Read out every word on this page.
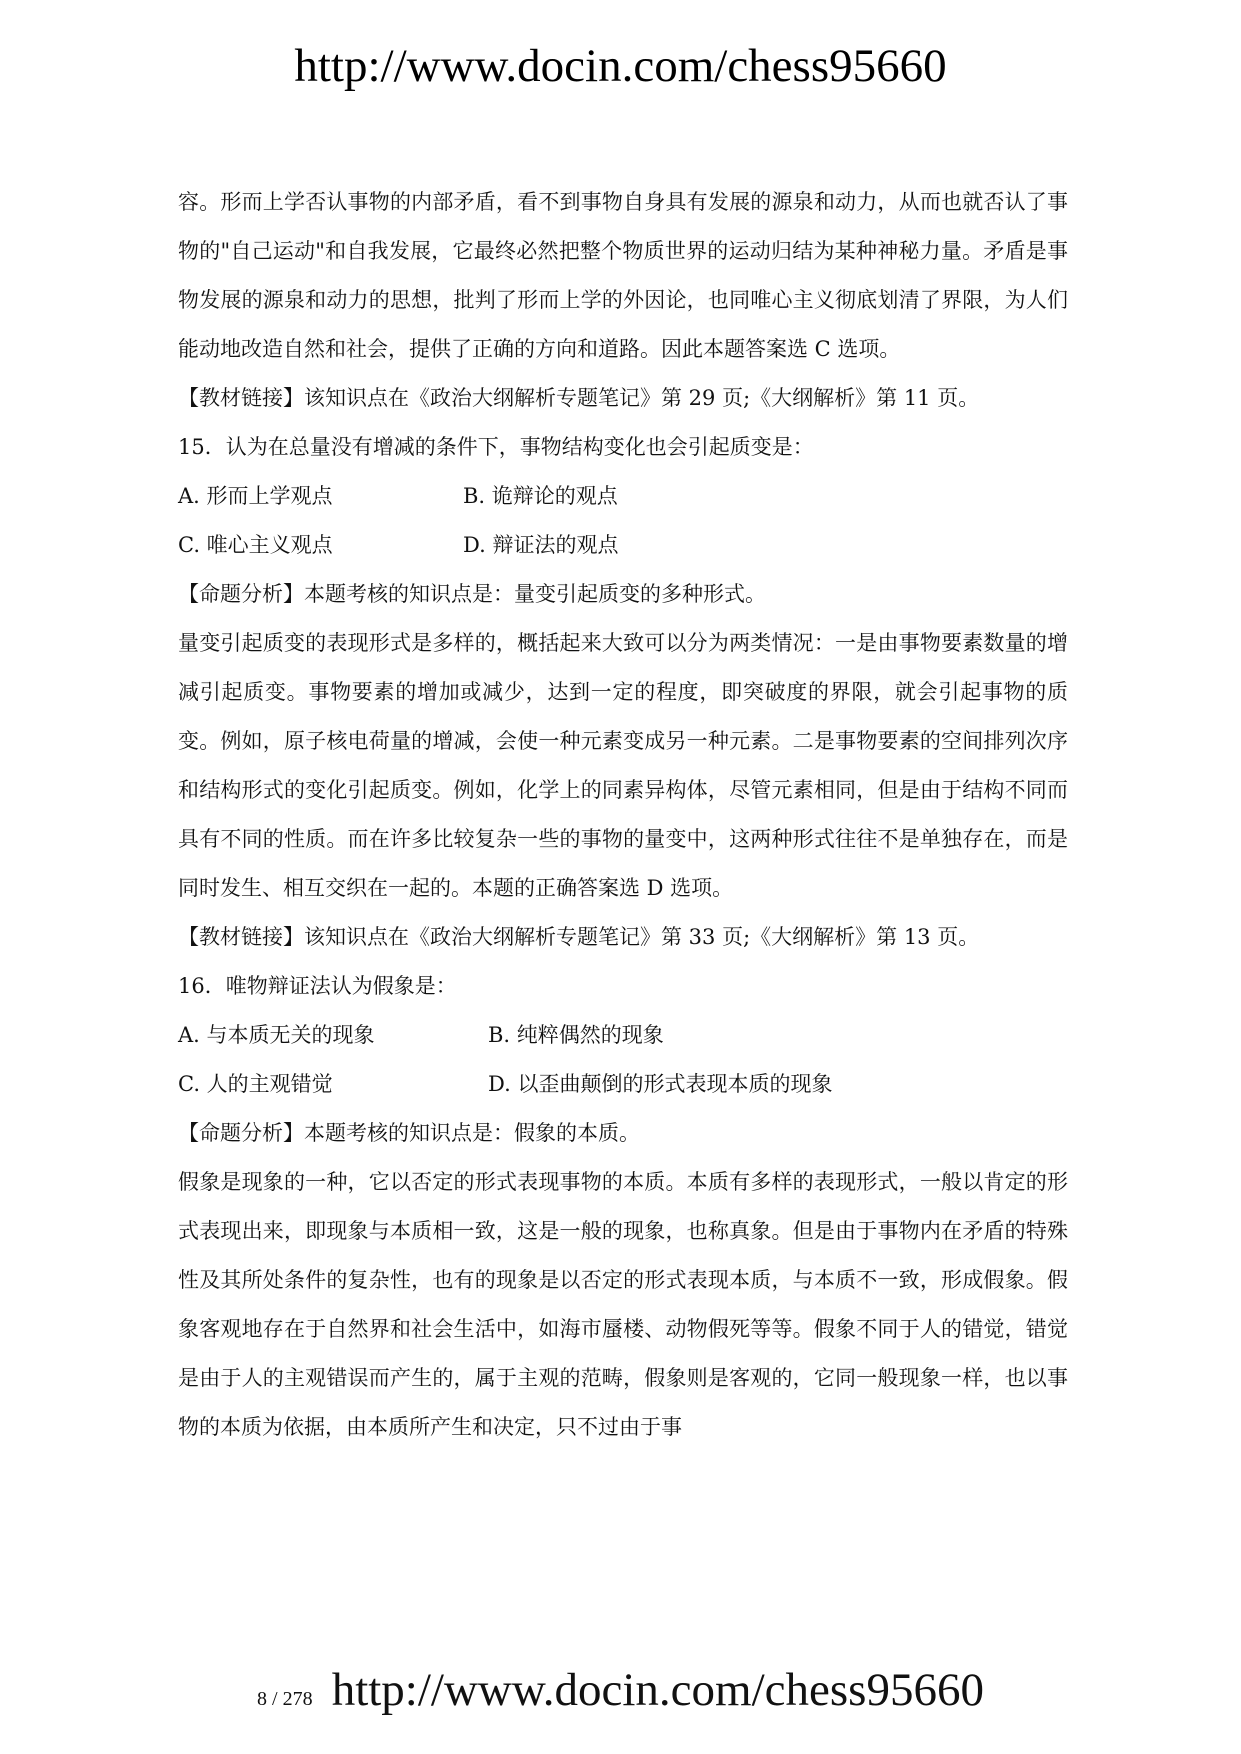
http://www.docin.com/chess95660

容。形而上学否认事物的内部矛盾，看不到事物自身具有发展的源泉和动力，从而也就否认了事物的"自己运动"和自我发展，它最终必然把整个物质世界的运动归结为某种神秘力量。矛盾是事物发展的源泉和动力的思想，批判了形而上学的外因论，也同唯心主义彻底划清了界限，为人们能动地改造自然和社会，提供了正确的方向和道路。因此本题答案选 C 选项。

【教材链接】该知识点在《政治大纲解析专题笔记》第 29 页;《大纲解析》第 11 页。

15．认为在总量没有增减的条件下，事物结构变化也会引起质变是：

A. 形而上学观点	B. 诡辩论的观点
C. 唯心主义观点	D. 辩证法的观点

【命题分析】本题考核的知识点是：量变引起质变的多种形式。

量变引起质变的表现形式是多样的，概括起来大致可以分为两类情况：一是由事物要素数量的增减引起质变。事物要素的增加或减少，达到一定的程度，即突破度的界限，就会引起事物的质变。例如，原子核电荷量的增减，会使一种元素变成另一种元素。二是事物要素的空间排列次序和结构形式的变化引起质变。例如，化学上的同素异构体，尽管元素相同，但是由于结构不同而具有不同的性质。而在许多比较复杂一些的事物的量变中，这两种形式往往不是单独存在，而是同时发生、相互交织在一起的。本题的正确答案选 D 选项。

【教材链接】该知识点在《政治大纲解析专题笔记》第 33 页;《大纲解析》第 13 页。

16．唯物辩证法认为假象是：

A. 与本质无关的现象	B. 纯粹偶然的现象
C. 人的主观错觉	D. 以歪曲颠倒的形式表现本质的现象

【命题分析】本题考核的知识点是：假象的本质。

假象是现象的一种，它以否定的形式表现事物的本质。本质有多样的表现形式，一般以肯定的形式表现出来，即现象与本质相一致，这是一般的现象，也称真象。但是由于事物内在矛盾的特殊性及其所处条件的复杂性，也有的现象是以否定的形式表现本质，与本质不一致，形成假象。假象客观地存在于自然界和社会生活中，如海市蜃楼、动物假死等等。假象不同于人的错觉，错觉是由于人的主观错误而产生的，属于主观的范畴，假象则是客观的，它同一般现象一样，也以事物的本质为依据，由本质所产生和决定，只不过由于事

8 / 278 http://www.docin.com/chess95660
